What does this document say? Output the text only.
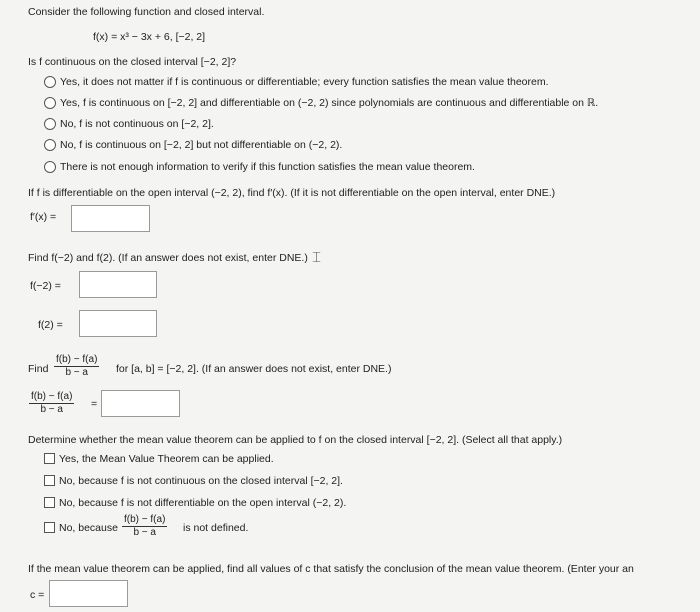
Consider the following function and closed interval.
f(x) = x³ − 3x + 6, [−2, 2]
Is f continuous on the closed interval [−2, 2]?
Yes, it does not matter if f is continuous or differentiable; every function satisfies the mean value theorem.
Yes, f is continuous on [−2, 2] and differentiable on (−2, 2) since polynomials are continuous and differentiable on ℝ.
No, f is not continuous on [−2, 2].
No, f is continuous on [−2, 2] but not differentiable on (−2, 2).
There is not enough information to verify if this function satisfies the mean value theorem.
If f is differentiable on the open interval (−2, 2), find f′(x). (If it is not differentiable on the open interval, enter DNE.)
f′(x) =
Find f(−2) and f(2). (If an answer does not exist, enter DNE.) ⌶
f(−2) =
f(2) =
Find $\frac{f(b) - f(a)}{b - a}$ for [a, b] = [−2, 2]. (If an answer does not exist, enter DNE.)
$\frac{f(b) - f(a)}{b - a}$ =
Determine whether the mean value theorem can be applied to f on the closed interval [−2, 2]. (Select all that apply.)
Yes, the Mean Value Theorem can be applied.
No, because f is not continuous on the closed interval [−2, 2].
No, because f is not differentiable on the open interval (−2, 2).
No, because $\frac{f(b) - f(a)}{b - a}$ is not defined.
If the mean value theorem can be applied, find all values of c that satisfy the conclusion of the mean value theorem. (Enter your an
c =
